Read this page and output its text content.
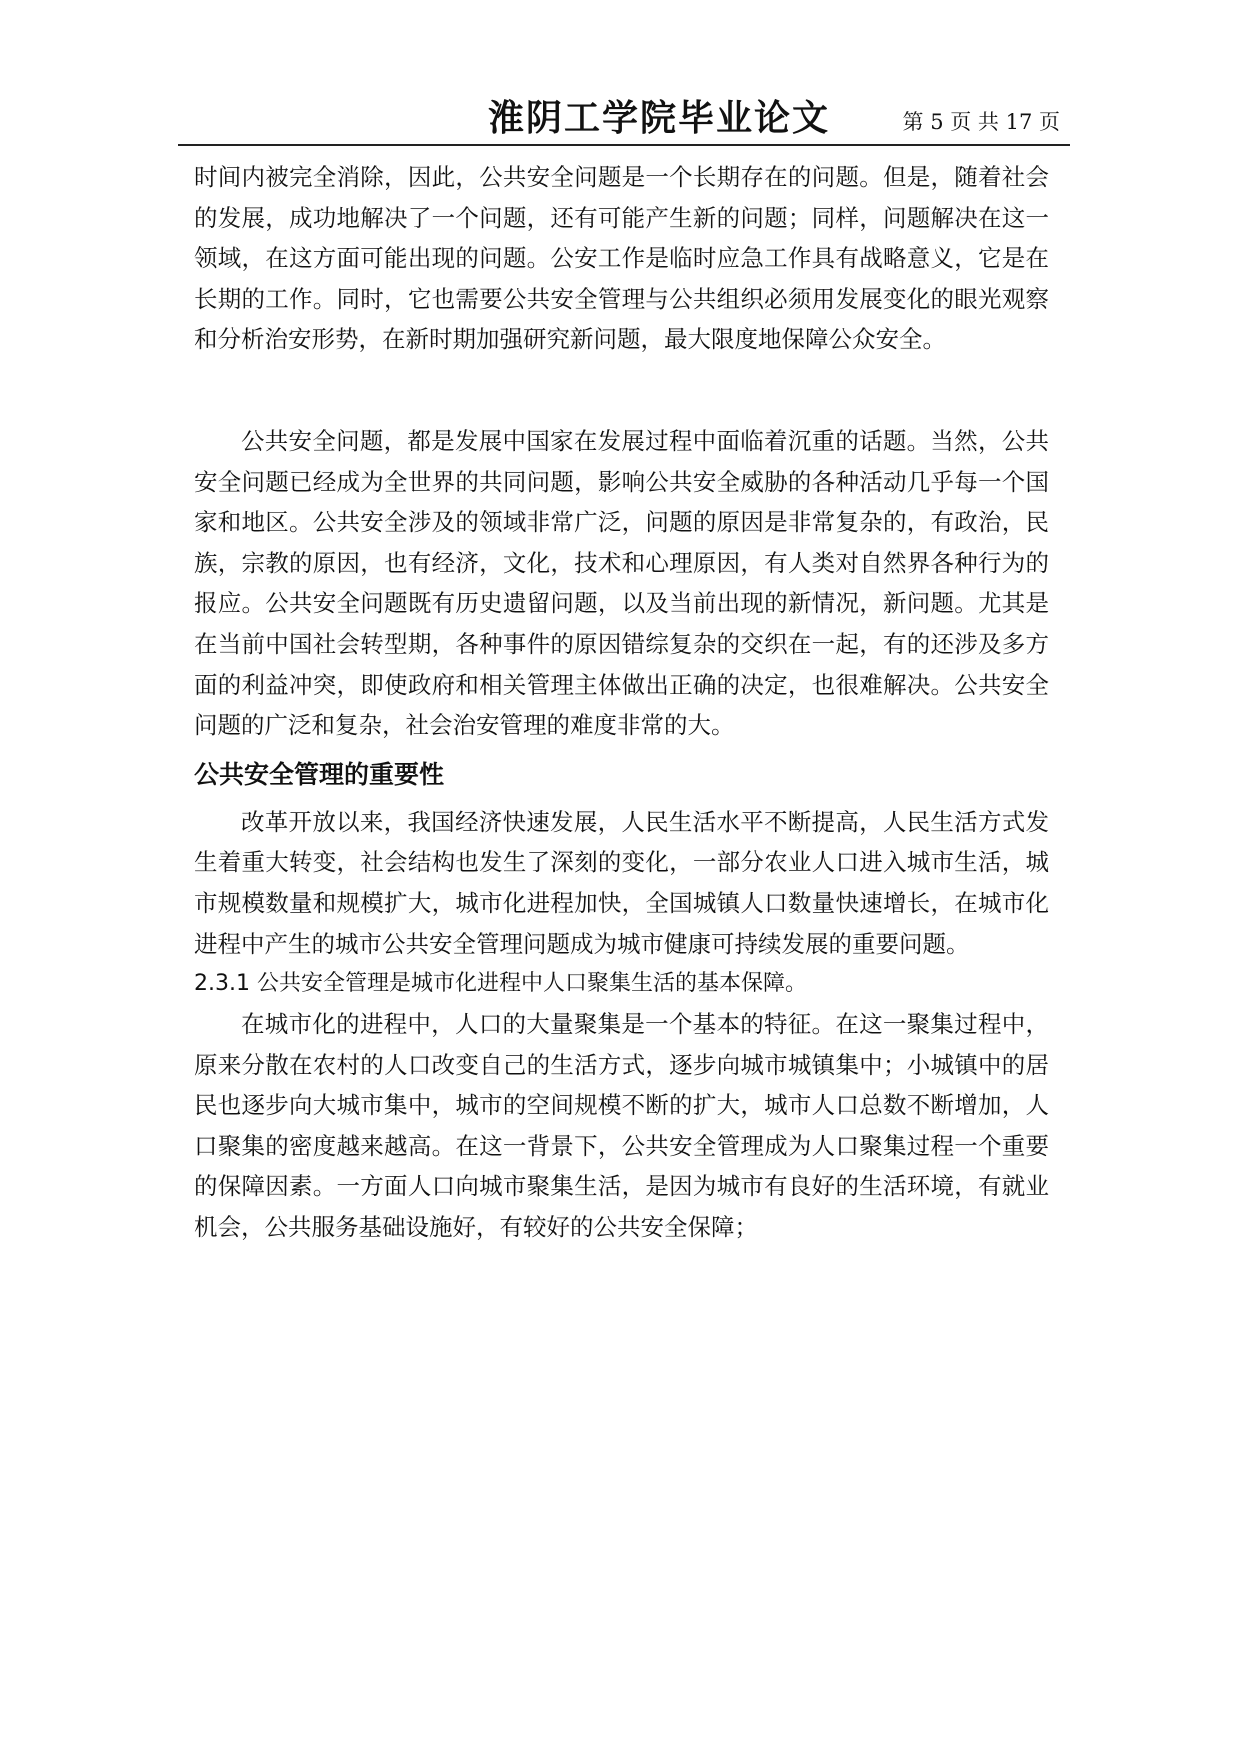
淮阴工学院毕业论文	第 5 页 共 17 页

时间内被完全消除，因此，公共安全问题是一个长期存在的问题。但是，随着社会的发展，成功地解决了一个问题，还有可能产生新的问题；同样，问题解决在这一领域，在这方面可能出现的问题。公安工作是临时应急工作具有战略意义，它是在长期的工作。同时，它也需要公共安全管理与公共组织必须用发展变化的眼光观察和分析治安形势，在新时期加强研究新问题，最大限度地保障公众安全。

公共安全问题，都是发展中国家在发展过程中面临着沉重的话题。当然，公共安全问题已经成为全世界的共同问题，影响公共安全威胁的各种活动几乎每一个国家和地区。公共安全涉及的领域非常广泛，问题的原因是非常复杂的，有政治，民族，宗教的原因，也有经济，文化，技术和心理原因，有人类对自然界各种行为的报应。公共安全问题既有历史遗留问题，以及当前出现的新情况，新问题。尤其是在当前中国社会转型期，各种事件的原因错综复杂的交织在一起，有的还涉及多方面的利益冲突，即使政府和相关管理主体做出正确的决定，也很难解决。公共安全问题的广泛和复杂，社会治安管理的难度非常的大。

公共安全管理的重要性

改革开放以来，我国经济快速发展，人民生活水平不断提高，人民生活方式发生着重大转变，社会结构也发生了深刻的变化，一部分农业人口进入城市生活，城市规模数量和规模扩大，城市化进程加快，全国城镇人口数量快速增长，在城市化进程中产生的城市公共安全管理问题成为城市健康可持续发展的重要问题。

2.3.1 公共安全管理是城市化进程中人口聚集生活的基本保障。

在城市化的进程中，人口的大量聚集是一个基本的特征。在这一聚集过程中，原来分散在农村的人口改变自己的生活方式，逐步向城市城镇集中；小城镇中的居民也逐步向大城市集中，城市的空间规模不断的扩大，城市人口总数不断增加，人口聚集的密度越来越高。在这一背景下，公共安全管理成为人口聚集过程一个重要的保障因素。一方面人口向城市聚集生活，是因为城市有良好的生活环境，有就业机会，公共服务基础设施好，有较好的公共安全保障；
